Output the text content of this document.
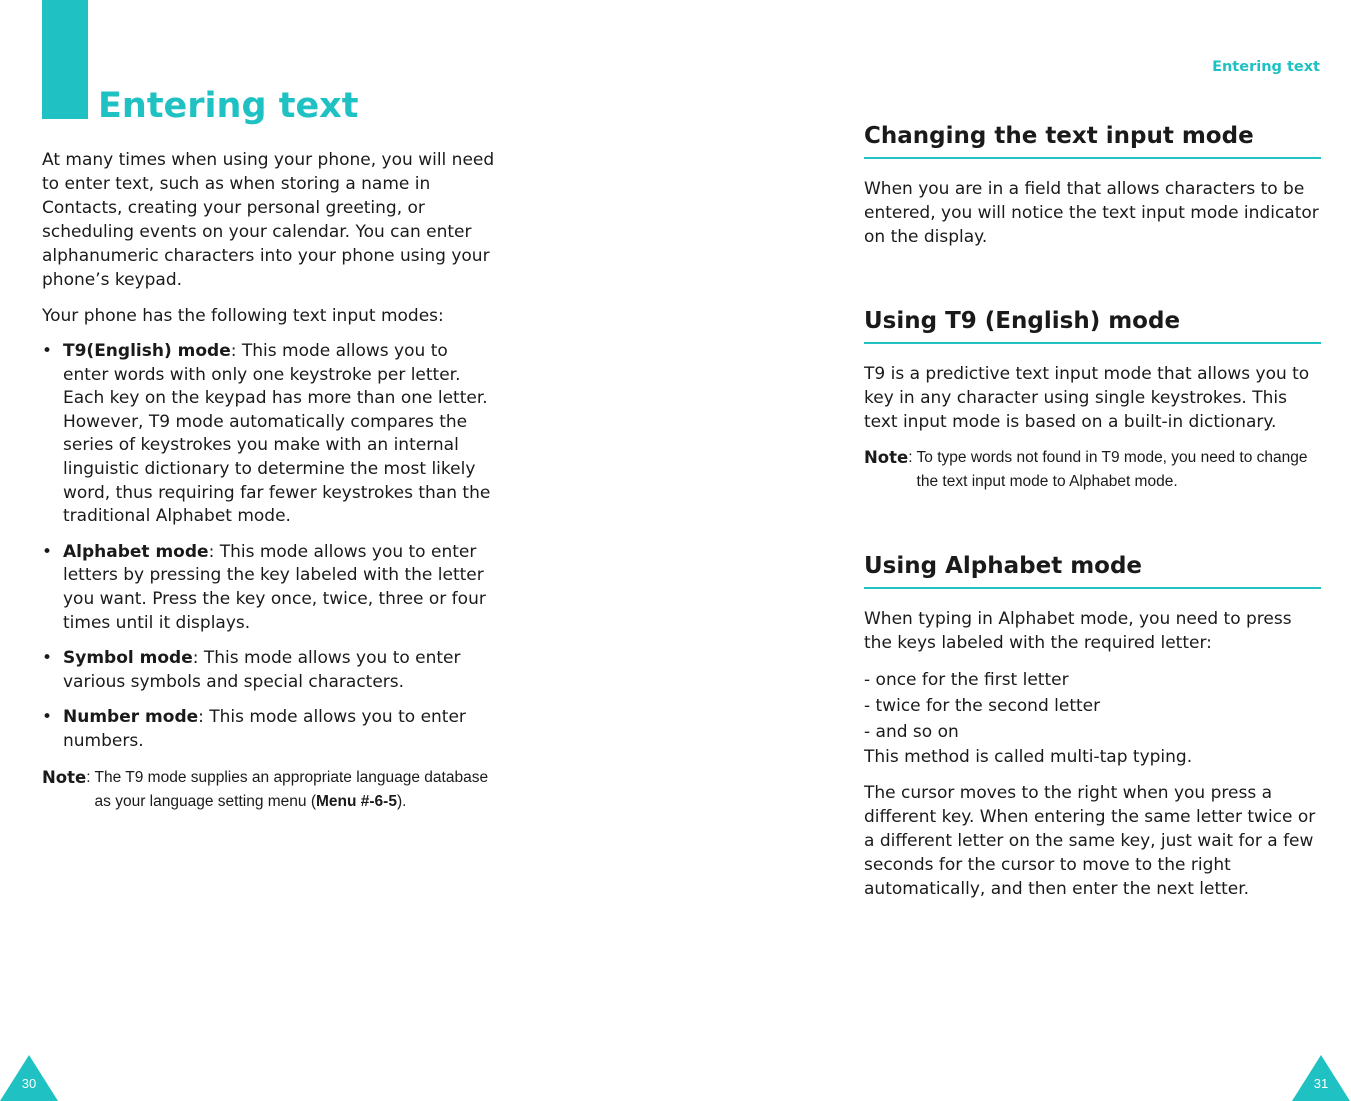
Entering text

At many times when using your phone, you will need to enter text, such as when storing a name in Contacts, creating your personal greeting, or scheduling events on your calendar. You can enter alphanumeric characters into your phone using your phone’s keypad.

Your phone has the following text input modes:

• T9(English) mode: This mode allows you to enter words with only one keystroke per letter. Each key on the keypad has more than one letter. However, T9 mode automatically compares the series of keystrokes you make with an internal linguistic dictionary to determine the most likely word, thus requiring far fewer keystrokes than the traditional Alphabet mode.
• Alphabet mode: This mode allows you to enter letters by pressing the key labeled with the letter you want. Press the key once, twice, three or four times until it displays.
• Symbol mode: This mode allows you to enter various symbols and special characters.
• Number mode: This mode allows you to enter numbers.
Note : The T9 mode supplies an appropriate language database as your language setting menu (Menu #-6-5).
30
Entering text
Changing the text input mode

When you are in a field that allows characters to be entered, you will notice the text input mode indicator on the display.

Using T9 (English) mode

T9 is a predictive text input mode that allows you to key in any character using single keystrokes. This text input mode is based on a built-in dictionary.

Note : To type words not found in T9 mode, you need to change the text input mode to Alphabet mode.
Using Alphabet mode

When typing in Alphabet mode, you need to press the keys labeled with the required letter:

- once for the first letter
- twice for the second letter
- and so on

This method is called multi-tap typing.

The cursor moves to the right when you press a different key. When entering the same letter twice or a different letter on the same key, just wait for a few seconds for the cursor to move to the right automatically, and then enter the next letter.

31
